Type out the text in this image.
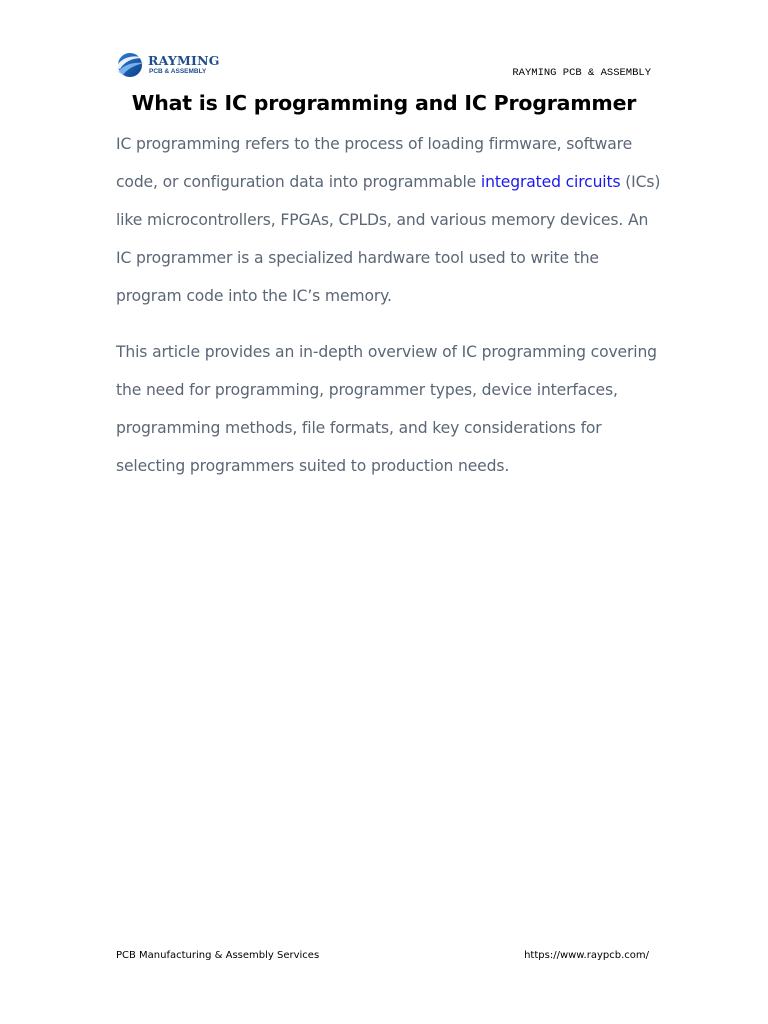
RAYMING
PCB & ASSEMBLY	RAYMING PCB & ASSEMBLY
What is IC programming and IC Programmer

IC programming refers to the process of loading firmware, software code, or configuration data into programmable integrated circuits (ICs) like microcontrollers, FPGAs, CPLDs, and various memory devices. An IC programmer is a specialized hardware tool used to write the program code into the IC’s memory.

This article provides an in-depth overview of IC programming covering the need for programming, programmer types, device interfaces, programming methods, file formats, and key considerations for selecting programmers suited to production needs.

PCB Manufacturing & Assembly Services	https://www.raypcb.com/
